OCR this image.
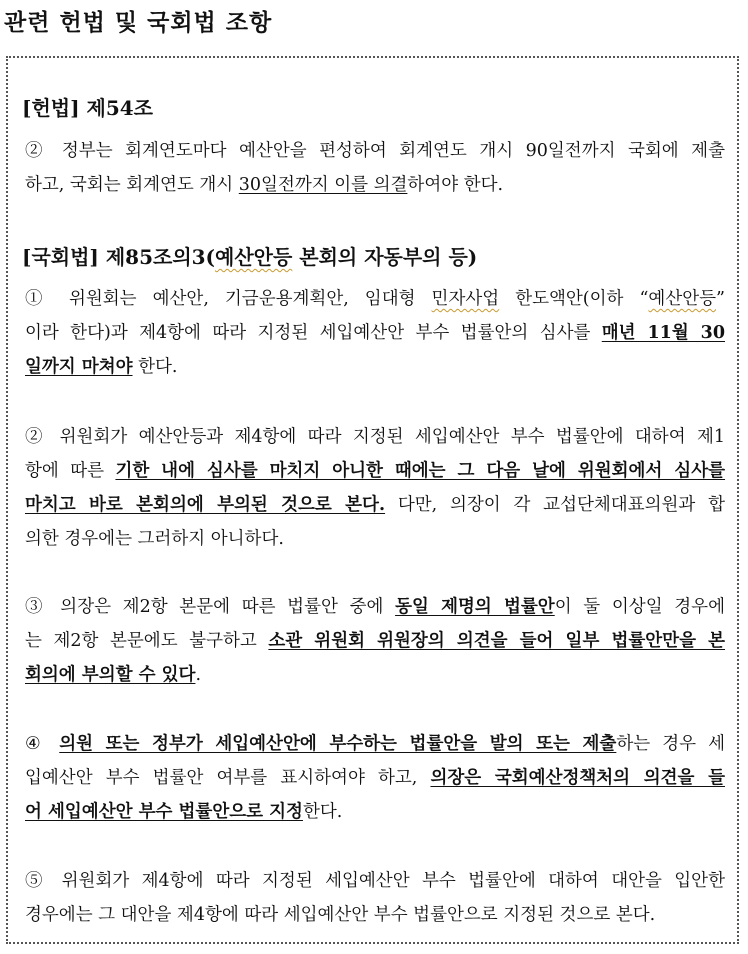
관련 헌법 및 국회법 조항
[헌법] 제54조
② 정부는 회계연도마다 예산안을 편성하여 회계연도 개시 90일전까지 국회에 제출
하고, 국회는 회계연도 개시 30일전까지 이를 의결하여야 한다.
[국회법] 제85조의3(예산안등 본회의 자동부의 등)
① 위원회는 예산안, 기금운용계획안, 임대형 민자사업 한도액안(이하 “예산안등”
이라 한다)과 제4항에 따라 지정된 세입예산안 부수 법률안의 심사를 매년 11월 30
일까지 마쳐야 한다.
② 위원회가 예산안등과 제4항에 따라 지정된 세입예산안 부수 법률안에 대하여 제1
항에 따른 기한 내에 심사를 마치지 아니한 때에는 그 다음 날에 위원회에서 심사를
마치고 바로 본회의에 부의된 것으로 본다. 다만, 의장이 각 교섭단체대표의원과 합
의한 경우에는 그러하지 아니하다.
③ 의장은 제2항 본문에 따른 법률안 중에 동일 제명의 법률안이 둘 이상일 경우에
는 제2항 본문에도 불구하고 소관 위원회 위원장의 의견을 들어 일부 법률안만을 본
회의에 부의할 수 있다.
④ 의원 또는 정부가 세입예산안에 부수하는 법률안을 발의 또는 제출하는 경우 세
입예산안 부수 법률안 여부를 표시하여야 하고, 의장은 국회예산정책처의 의견을 들
어 세입예산안 부수 법률안으로 지정한다.
⑤ 위원회가 제4항에 따라 지정된 세입예산안 부수 법률안에 대하여 대안을 입안한
경우에는 그 대안을 제4항에 따라 세입예산안 부수 법률안으로 지정된 것으로 본다.
